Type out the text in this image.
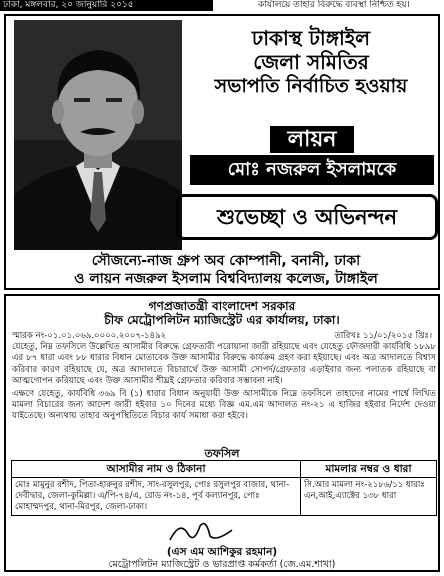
ঢাকা, মঙ্গলবার, ২০ জানুয়ারি ২০১৫	কার্যালয়ে তাহার বিরুদ্ধে ব্যবস্থা নিশ্চিত হয়।
ঢাকাস্থ টাঙ্গাইল
জেলা সমিতির
সভাপতি নির্বাচিত হওয়ায়
লায়ন
মোঃ নজরুল ইসলামকে
শুভেচ্ছা ও অভিনন্দন
সৌজন্যে-নাজ গ্রুপ অব কোম্পানী, বনানী, ঢাকা
ও লায়ন নজরুল ইসলাম বিশ্ববিদ্যালয় কলেজ, টাঙ্গাইল
গণপ্রজাতন্ত্রী বাংলাদেশ সরকার
চীফ মেট্রোপলিটন ম্যাজিস্ট্রেট এর কার্যালয়, ঢাকা।
স্মারক নং-০১.০১.০৬৯.০০০০.২০০৭-১৪৯২	তারিখঃ ১১/০১/২০১৫ খ্রিঃ।

যেহেতু, নিম্ন তফসিলে উল্লেখিত আসামীর বিরুদ্ধে গ্রেফতারী পরোয়ানা জারী রহিয়াছে এবং যেহেতু ফৌজদারী কার্যবিধি ১৮৯৮ এর ৮৭ ধারা এবং ৮৮ ধারার বিধান মোতাবেক উক্ত আসামীর বিরুদ্ধে কার্যক্রম গ্রহণ করা হইয়াছে। এবং অত্র আদালতে বিশ্বাস করিবার কারণ রহিয়াছে যে, অত্র আদালতে বিচারার্থে উক্ত আসামী সোপর্দ/গ্রেফতার এড়াইবার জন্য পলাতক রহিয়াছে বা আত্মগোপন করিয়াছে এবং উক্ত আসামীর শীঘ্রই গ্রেফতার করিবার সম্ভাবনা নাই।

এক্ষণে যেহেতু, কার্যবিধি ৩৬৯ বি (১) ধারার বিধান অনুযায়ী উক্ত আসামীকে নিম্নে তফসিলে তাহাদের নামের পার্শ্বে লিখিত মামলা বিচারের জন্য আদেশ জারী হইবার ১০ দিনের মধ্যে বিজ্ঞ এম.এম আদালত নং-২১ এ হাজির হইবার নির্দেশ দেওয়া যাইতেছে। অন্যথায় তাহার অনুপস্থিতিতে বিচার কার্য সমাধা করা হইবে।

তফসিল
আসামীর নাম ও ঠিকানা	মামলার নম্বর ও ধারা
মোঃ মামুনুর রশীদ, পিতা-হারুনুর রশীদ, সাং-রসুলপুর, পোঃ রসুলপুর বাজার, থানা-দেবীদ্বার, জেলা-কুমিল্লা। এ/পি-৭৪/এ, রোড নং-১৪, পূর্ব কল্যানপুর, পোঃ মোহাম্মদপুর, থানা-মিরপুর, জেলা-ঢাকা।	সি.আর মামলা নং-২১৮৬/১১ ধারাঃ এন,আই,এ্যাক্টের ১৩৮ ধারা
(এস এম আশিকুর রহমান)
মেট্রোপলিটন ম্যাজিস্ট্রেট ও ভারপ্রাপ্ত কর্মকর্তা (জে.এম.শাখা)
